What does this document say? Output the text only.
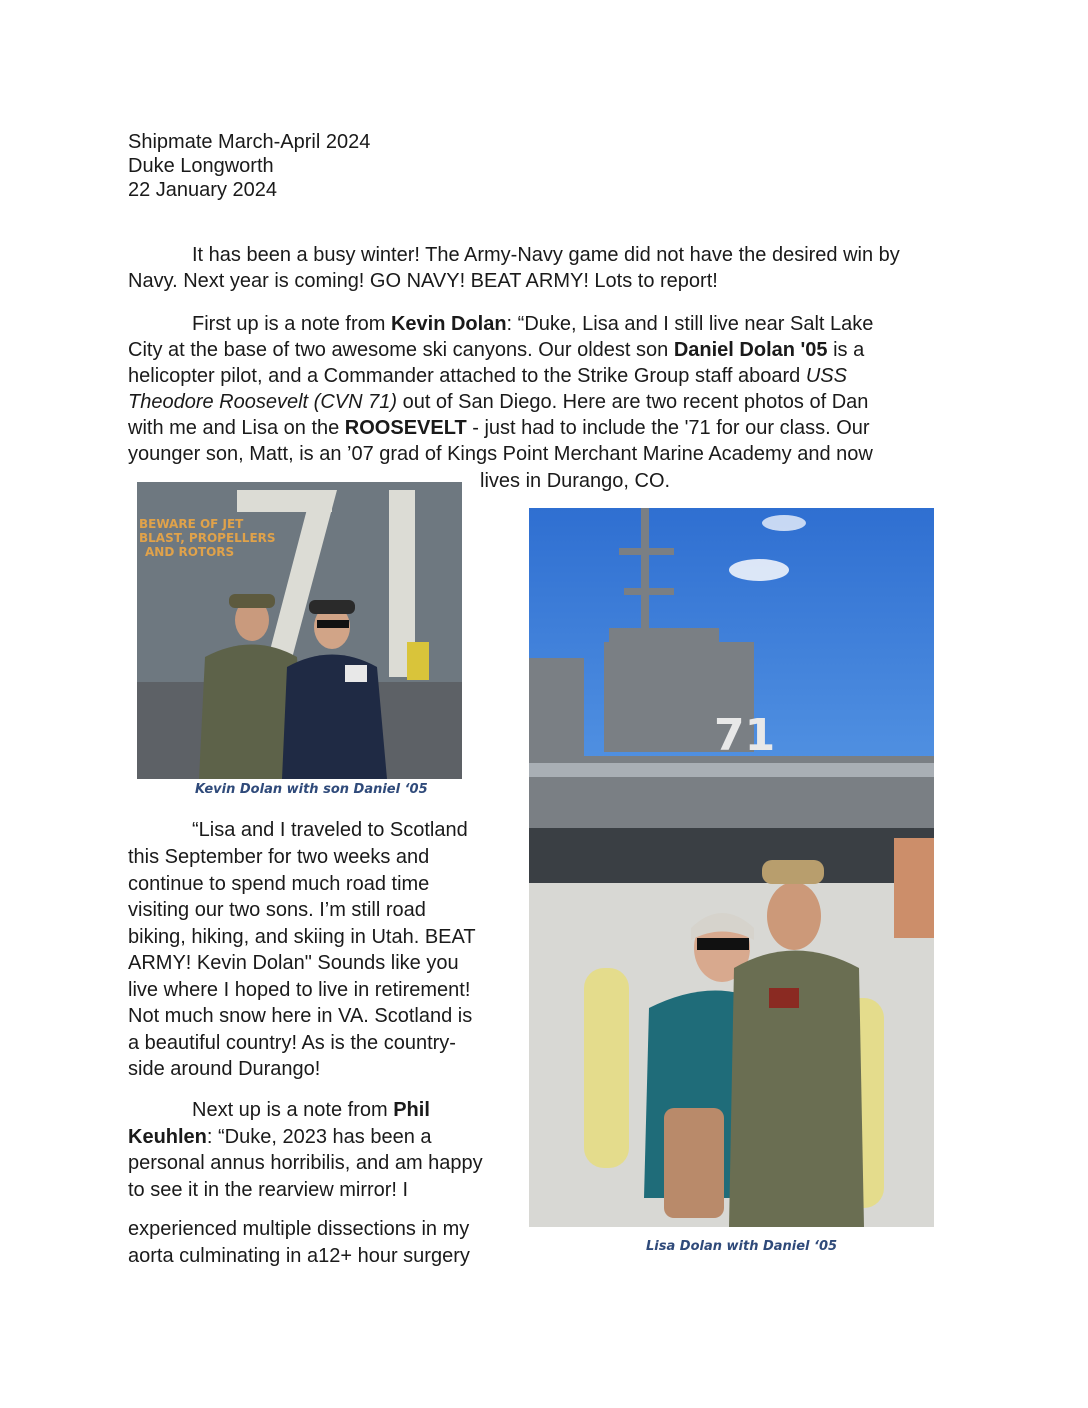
Shipmate March-April 2024
Duke Longworth
22 January 2024
It has been a busy winter! The Army-Navy game did not have the desired win by
Navy. Next year is coming! GO NAVY! BEAT ARMY! Lots to report!
First up is a note from Kevin Dolan: “Duke, Lisa and I still live near Salt Lake
City at the base of two awesome ski canyons. Our oldest son Daniel Dolan '05 is a
helicopter pilot, and a Commander attached to the Strike Group staff aboard USS
Theodore Roosevelt (CVN 71) out of San Diego. Here are two recent photos of Dan
with me and Lisa on the ROOSEVELT - just had to include the '71 for our class. Our
younger son, Matt, is an ’07 grad of Kings Point Merchant Marine Academy and now
lives in Durango, CO.
BEWARE OF JET
BLAST, PROPELLERS
AND ROTORS
Kevin Dolan with son Daniel ‘05
71
Lisa Dolan with Daniel ‘05
“Lisa and I traveled to Scotland
this September for two weeks and
continue to spend much road time
visiting our two sons. I’m still road
biking, hiking, and skiing in Utah. BEAT
ARMY! Kevin Dolan" Sounds like you
live where I hoped to live in retirement!
Not much snow here in VA. Scotland is
a beautiful country! As is the country-
side around Durango!
Next up is a note from Phil
Keuhlen: “Duke, 2023 has been a
personal annus horribilis, and am happy
to see it in the rearview mirror! I
experienced multiple dissections in my
aorta culminating in a12+ hour surgery
